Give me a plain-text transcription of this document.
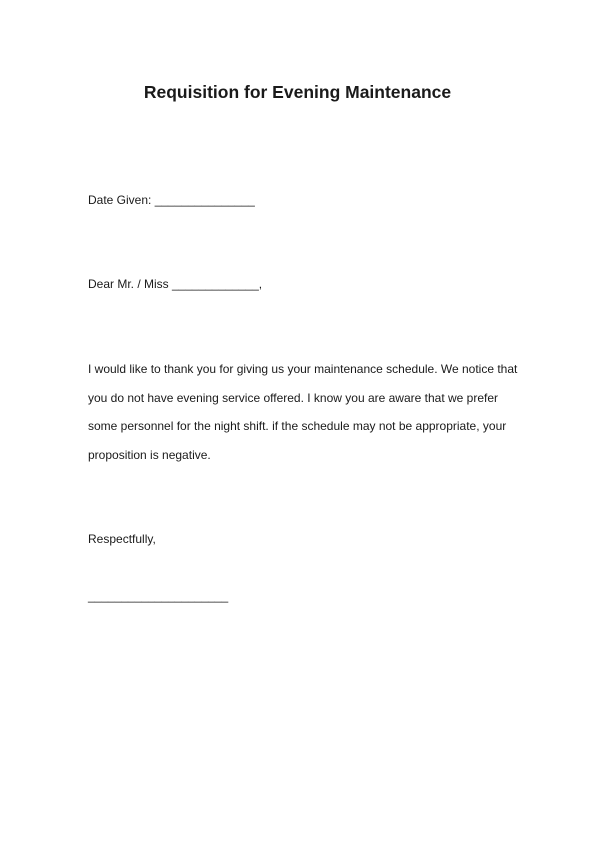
Requisition for Evening Maintenance
Date Given: _______________
Dear Mr. / Miss _____________,
I would like to thank you for giving us your maintenance schedule. We notice that
you do not have evening service offered. I know you are aware that we prefer
some personnel for the night shift. if the schedule may not be appropriate, your
proposition is negative.
Respectfully,
_____________________
